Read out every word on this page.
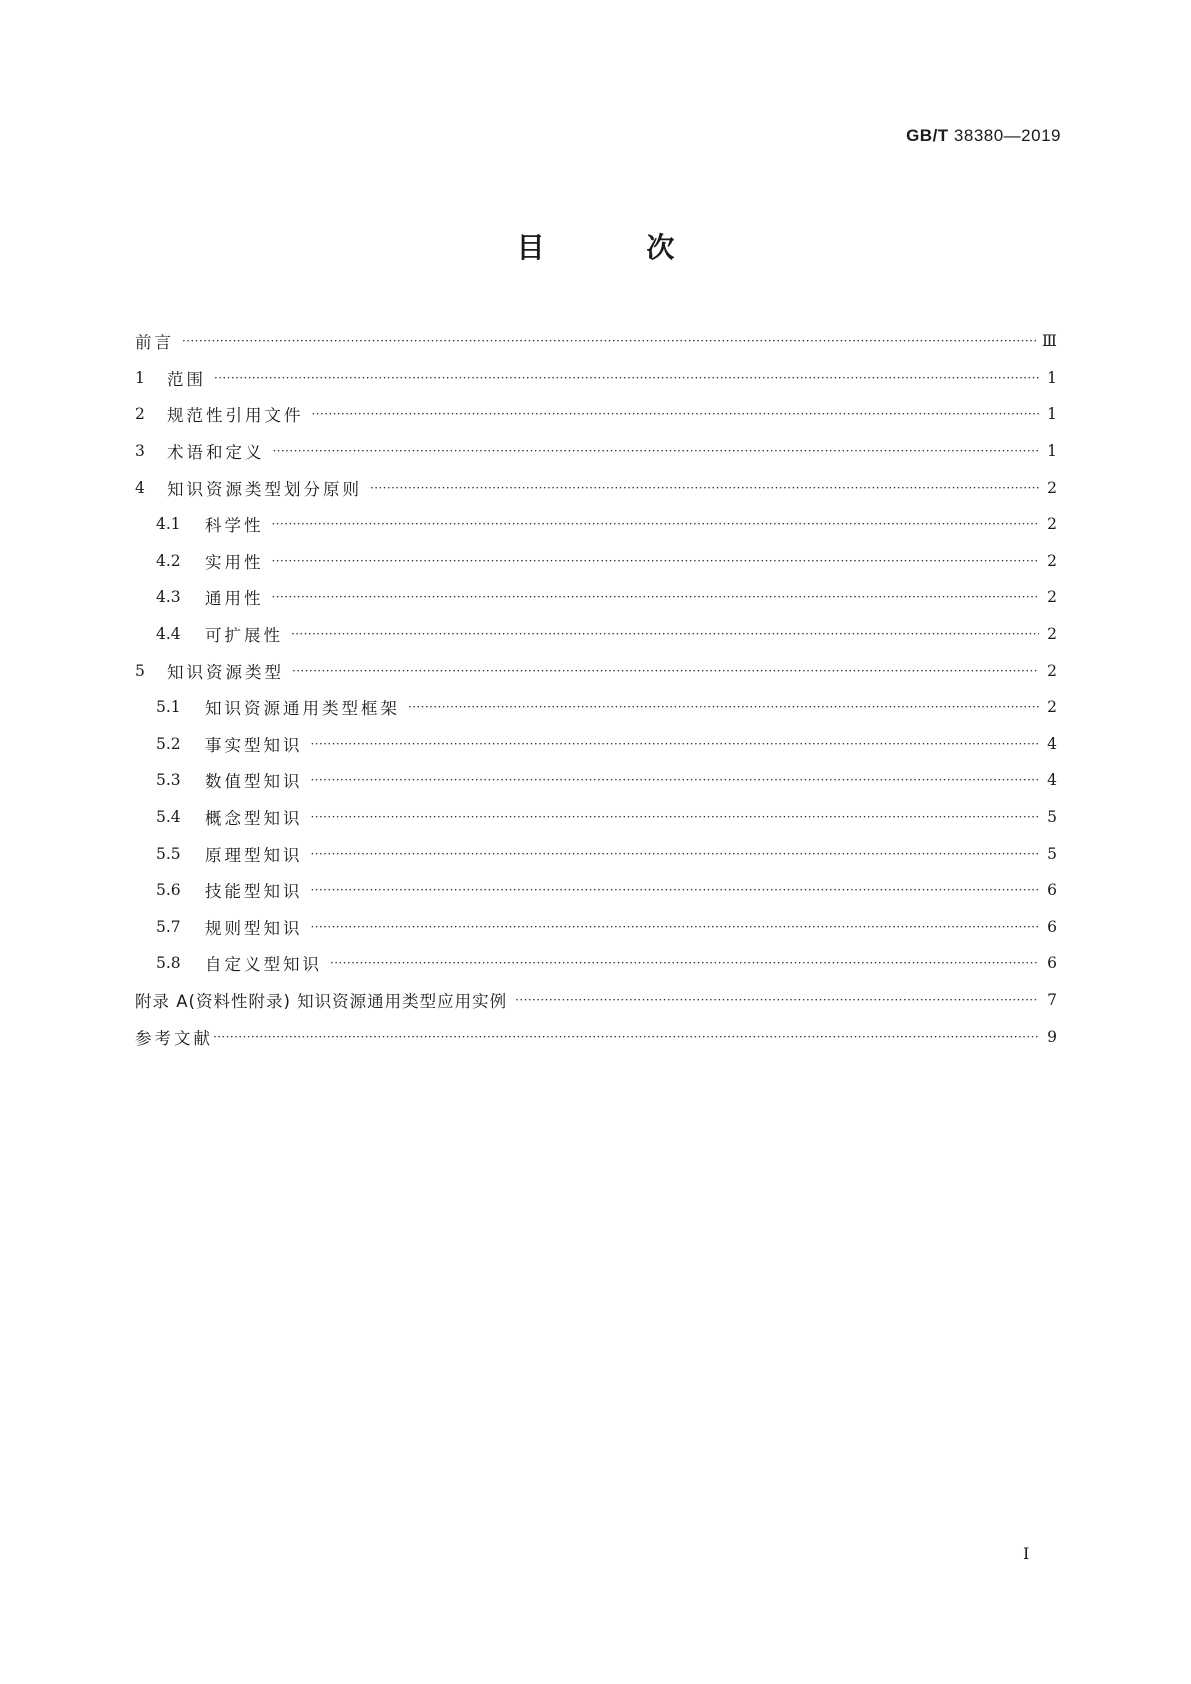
GB/T 38380—2019
目 次
前言 ·····	Ⅲ
1	范围 ·····	1
2	规范性引用文件 ·····	1
3	术语和定义 ·····	1
4	知识资源类型划分原则 ·····	2
4.1	科学性 ·····	2
4.2	实用性 ·····	2
4.3	通用性 ·····	2
4.4	可扩展性 ·····	2
5	知识资源类型 ·····	2
5.1	知识资源通用类型框架 ·····	2
5.2	事实型知识 ·····	4
5.3	数值型知识 ·····	4
5.4	概念型知识 ·····	5
5.5	原理型知识 ·····	5
5.6	技能型知识 ·····	6
5.7	规则型知识 ·····	6
5.8	自定义型知识 ·····	6
附录 A(资料性附录) 知识资源通用类型应用实例 ·····	7
参考文献 ·····	9
I
